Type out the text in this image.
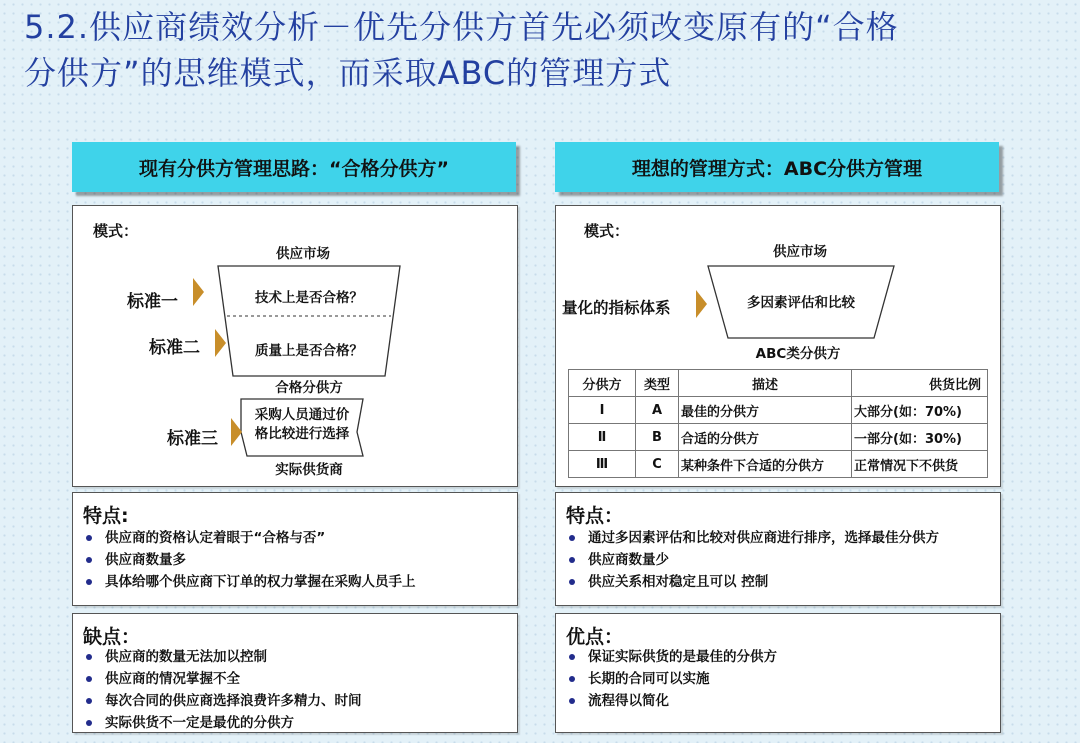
5.2.供应商绩效分析－优先分供方首先必须改变原有的“合格
分供方”的思维模式，而采取ABC的管理方式
现有分供方管理思路：“合格分供方”
模式：
供应市场
技术上是否合格？
质量上是否合格？
合格分供方
采购人员通过价格比较进行选择
实际供货商
标准一
标准二
标准三
特点:
供应商的资格认定着眼于“合格与否”
供应商数量多
具体给哪个供应商下订单的权力掌握在采购人员手上
缺点：
供应商的数量无法加以控制
供应商的情况掌握不全
每次合同的供应商选择浪费许多精力、时间
实际供货不一定是最优的分供方
理想的管理方式：ABC分供方管理
模式：
供应市场
多因素评估和比较
量化的指标体系
ABC类分供方
分供方	类型	描述	供货比例
Ⅰ	A	最佳的分供方	大部分(如：70%)
Ⅱ	B	合适的分供方	一部分(如：30%)
Ⅲ	C	某种条件下合适的分供方	正常情况下不供货
特点：
通过多因素评估和比较对供应商进行排序，选择最佳分供方
供应商数量少
供应关系相对稳定且可以 控制
优点：
保证实际供货的是最佳的分供方
长期的合同可以实施
流程得以简化
